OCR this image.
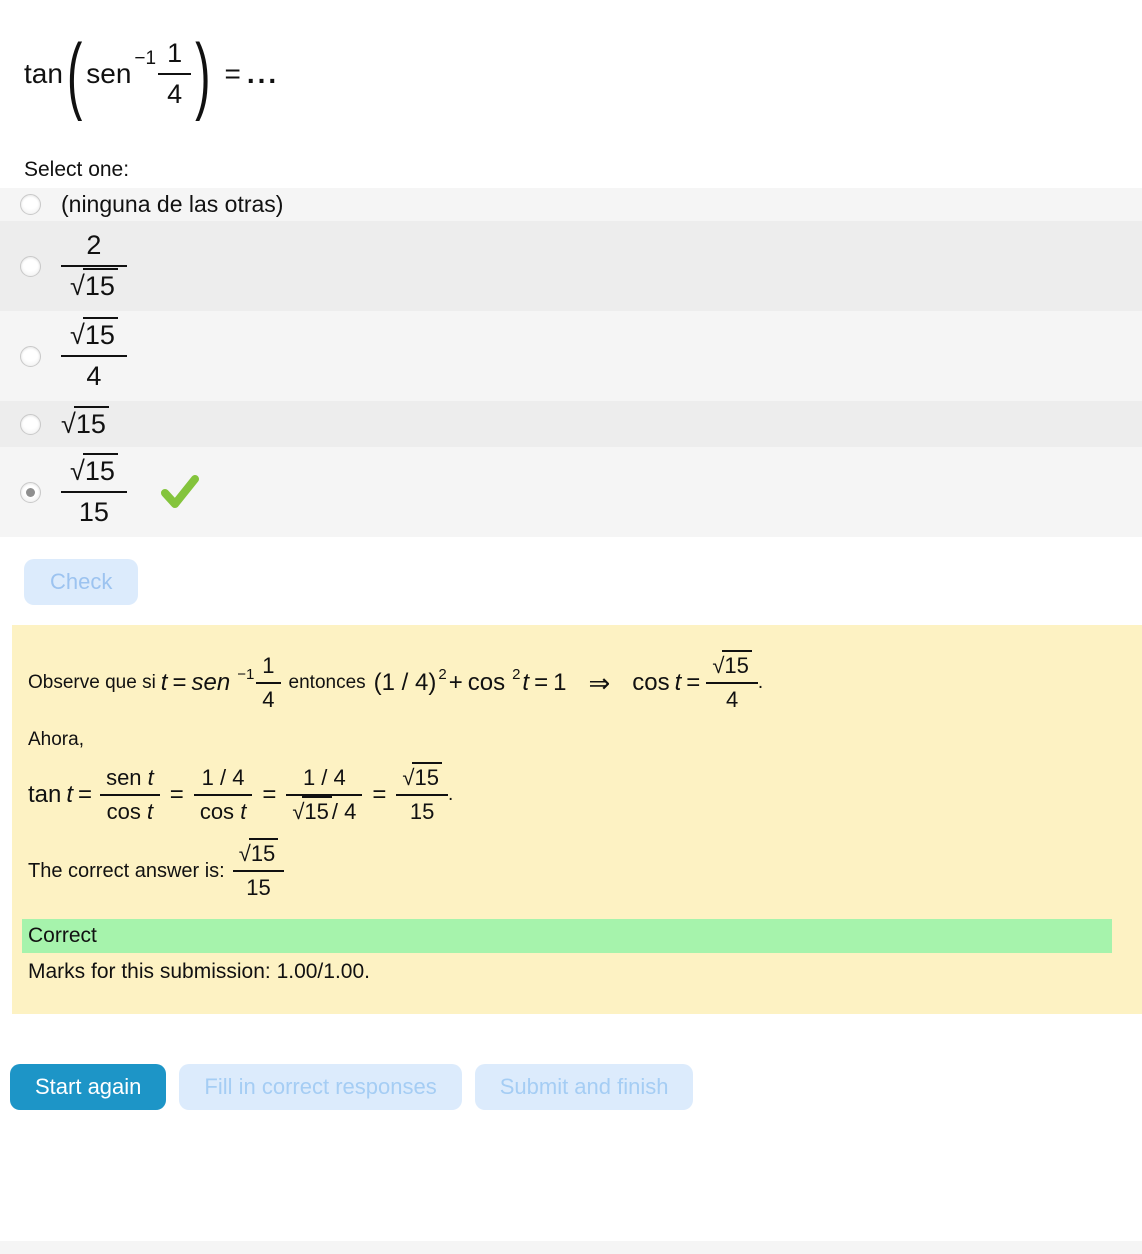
tan ( sen $-1 \frac{1}{4}$ ) = ...
Select one:
(ninguna de las otras)
$\frac{2}{√15}$
$\frac{√15}{4}$
√15
$\frac{√15}{15}$
Check
Observe que si t = sen $-1 \frac{1}{4}$ entonces (1 / 4) 2 + cos 2 t = 1 ⇒ $\cos t = \frac{√15}{4}$ .
Ahora,
$\tan t = \frac{\text{sen t}}{\text{cos t}} = \frac{1 / 4}{\text{cos t}} = \frac{1 / 4}{√15 / 4} = \frac{√15}{15}$ .
The correct answer is: $\frac{√15}{15}$
Correct
Marks for this submission: 1.00/1.00.
Start again	Fill in correct responses	Submit and finish
